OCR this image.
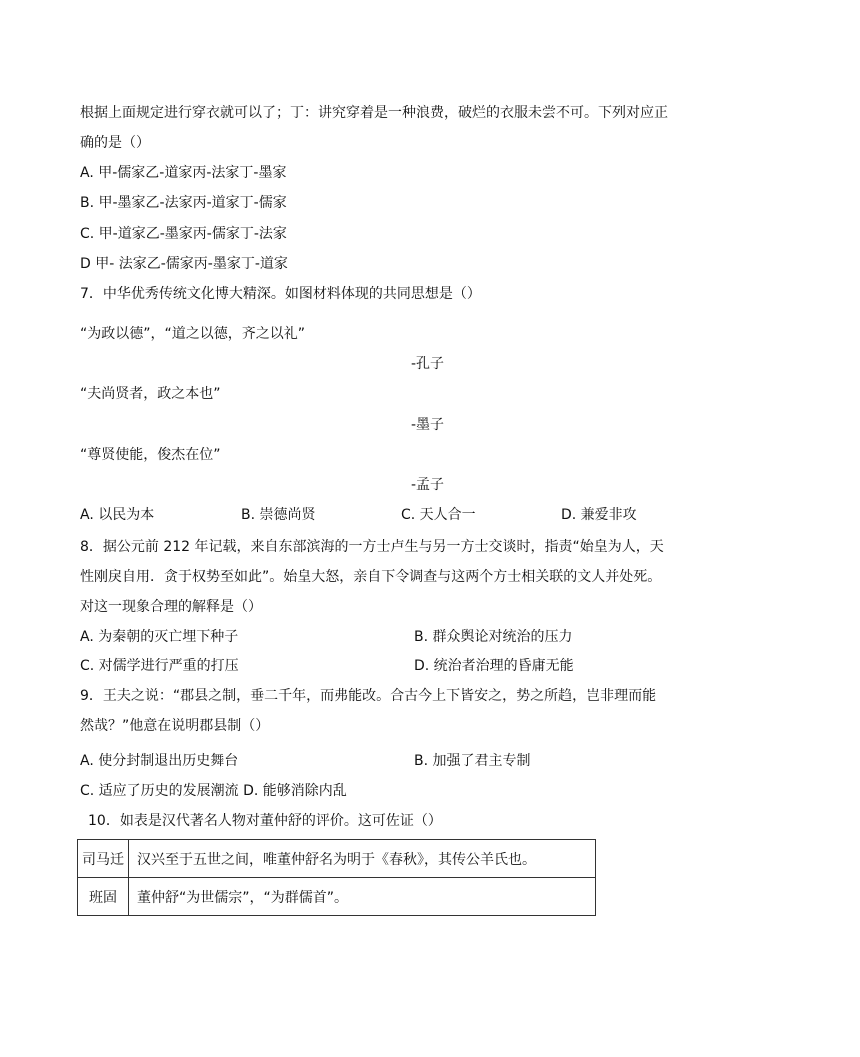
根据上面规定进行穿衣就可以了；丁：讲究穿着是一种浪费，破烂的衣服未尝不可。下列对应正
确的是（）
A. 甲-儒家乙-道家丙-法家丁-墨家
B. 甲-墨家乙-法家丙-道家丁-儒家
C. 甲-道家乙-墨家丙-儒家丁-法家
D 甲- 法家乙-儒家丙-墨家丁-道家
7．中华优秀传统文化博大精深。如图材料体现的共同思想是（）
“为政以德”，“道之以德，齐之以礼”
-孔子
“夫尚贤者，政之本也”
-墨子
“尊贤使能，俊杰在位”
-孟子
A. 以民为本	B. 崇德尚贤	C. 天人合一	D. 兼爱非攻
8．据公元前 212 年记载，来自东部滨海的一方士卢生与另一方士交谈时，指责“始皇为人，天
性刚戾自用．贪于权势至如此”。始皇大怒，亲自下令调查与这两个方士相关联的文人并处死。
对这一现象合理的解释是（）
A. 为秦朝的灭亡埋下种子	B. 群众舆论对统治的压力
C. 对儒学进行严重的打压	D. 统治者治理的昏庸无能
9．王夫之说：“郡县之制，垂二千年，而弗能改。合古今上下皆安之，势之所趋，岂非理而能
然哉？”他意在说明郡县制（）
A. 使分封制退出历史舞台	B. 加强了君主专制
C. 适应了历史的发展潮流 D. 能够消除内乱
10．如表是汉代著名人物对董仲舒的评价。这可佐证（）
司马迁	汉兴至于五世之间，唯董仲舒名为明于《春秋》，其传公羊氏也。
班固	董仲舒“为世儒宗”，“为群儒首”。
